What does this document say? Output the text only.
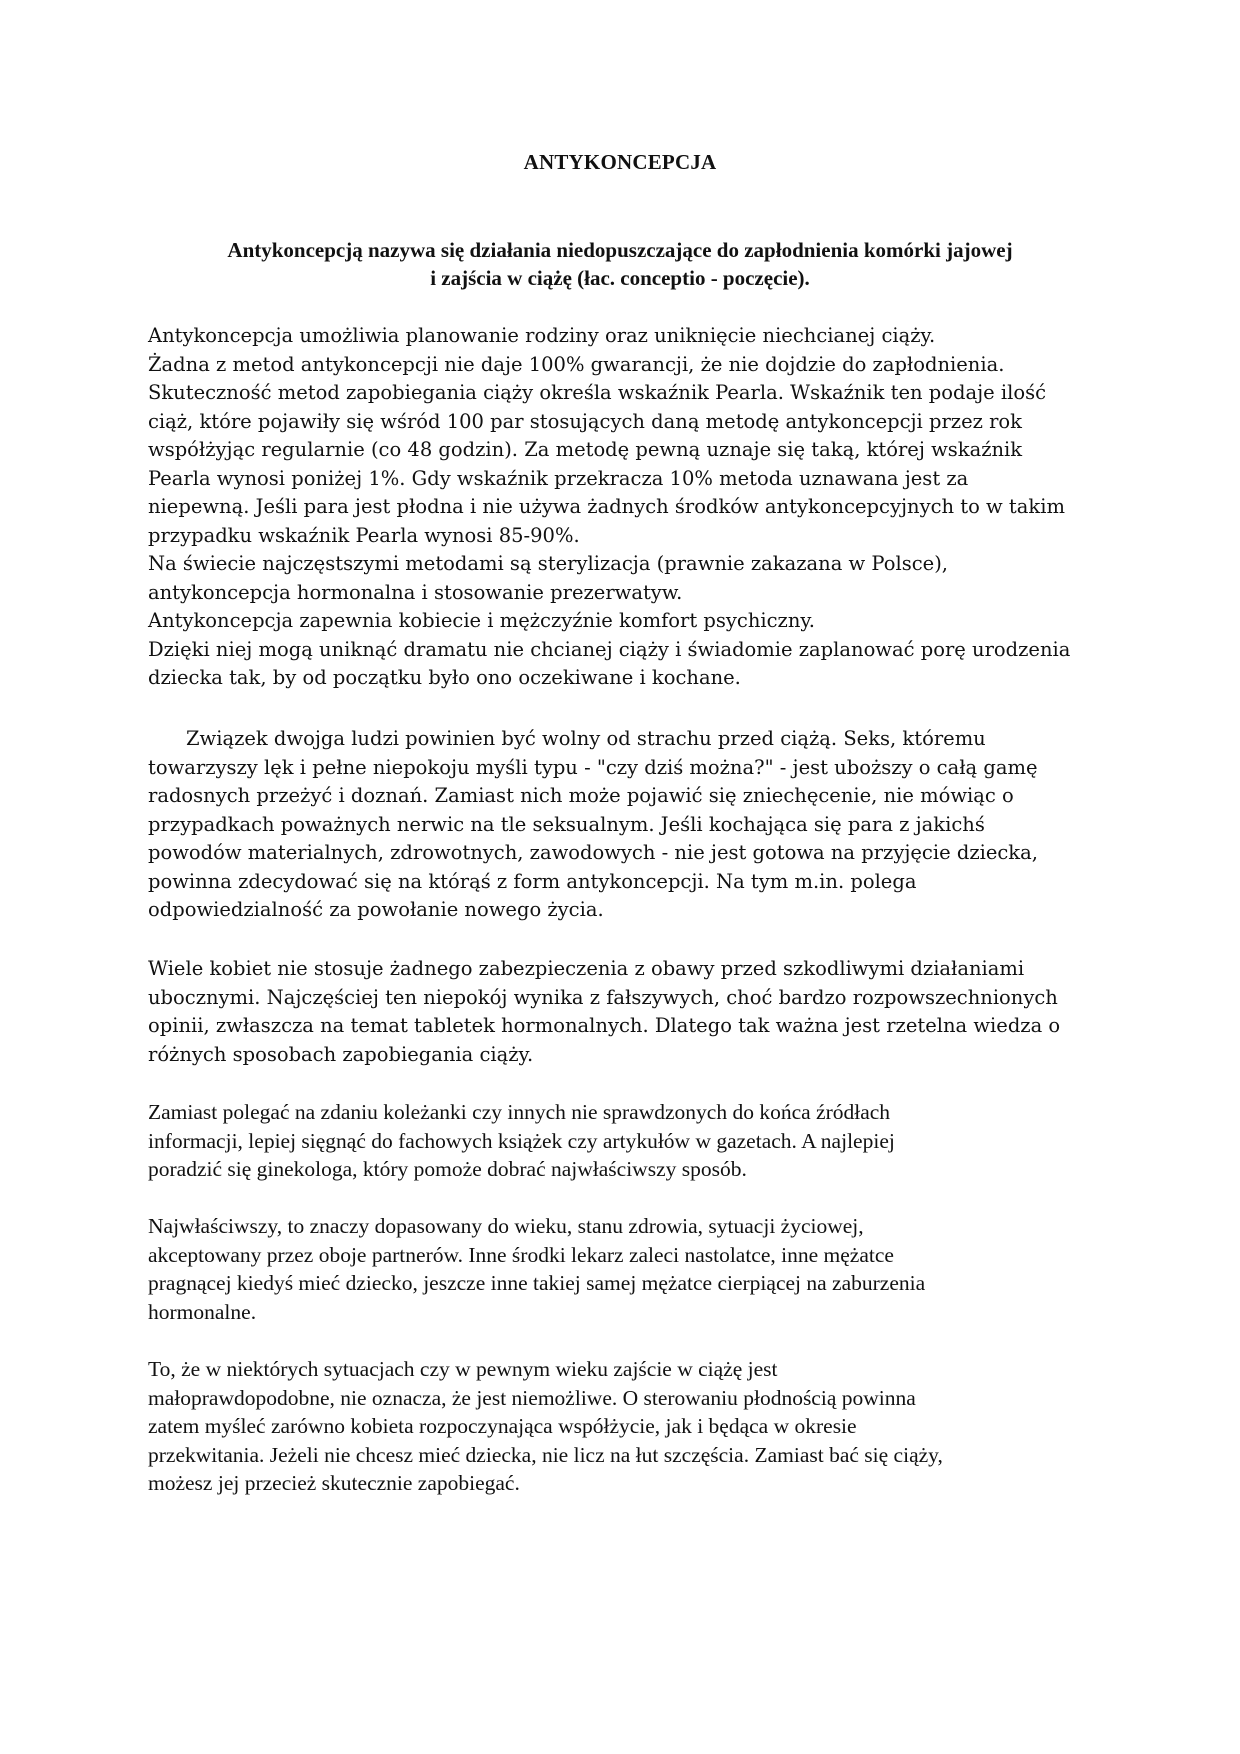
ANTYKONCEPCJA
Antykoncepcją nazywa się działania niedopuszczające do zapłodnienia komórki jajowej
i zajścia w ciążę (łac. conceptio - poczęcie).
Antykoncepcja umożliwia planowanie rodziny oraz uniknięcie niechcianej ciąży.
Żadna z metod antykoncepcji nie daje 100% gwarancji, że nie dojdzie do zapłodnienia.
Skuteczność metod zapobiegania ciąży określa wskaźnik Pearla. Wskaźnik ten podaje ilość
ciąż, które pojawiły się wśród 100 par stosujących daną metodę antykoncepcji przez rok
współżyjąc regularnie (co 48 godzin). Za metodę pewną uznaje się taką, której wskaźnik
Pearla wynosi poniżej 1%. Gdy wskaźnik przekracza 10% metoda uznawana jest za
niepewną. Jeśli para jest płodna i nie używa żadnych środków antykoncepcyjnych to w takim
przypadku wskaźnik Pearla wynosi 85-90%.
Na świecie najczęstszymi metodami są sterylizacja (prawnie zakazana w Polsce),
antykoncepcja hormonalna i stosowanie prezerwatyw.
Antykoncepcja zapewnia kobiecie i mężczyźnie komfort psychiczny.
Dzięki niej mogą uniknąć dramatu nie chcianej ciąży i świadomie zaplanować porę urodzenia
dziecka tak, by od początku było ono oczekiwane i kochane.
Związek dwojga ludzi powinien być wolny od strachu przed ciążą. Seks, któremu
towarzyszy lęk i pełne niepokoju myśli typu - "czy dziś można?" - jest uboższy o całą gamę
radosnych przeżyć i doznań. Zamiast nich może pojawić się zniechęcenie, nie mówiąc o
przypadkach poważnych nerwic na tle seksualnym. Jeśli kochająca się para z jakichś
powodów materialnych, zdrowotnych, zawodowych - nie jest gotowa na przyjęcie dziecka,
powinna zdecydować się na którąś z form antykoncepcji. Na tym m.in. polega
odpowiedzialność za powołanie nowego życia.
Wiele kobiet nie stosuje żadnego zabezpieczenia z obawy przed szkodliwymi działaniami
ubocznymi. Najczęściej ten niepokój wynika z fałszywych, choć bardzo rozpowszechnionych
opinii, zwłaszcza na temat tabletek hormonalnych. Dlatego tak ważna jest rzetelna wiedza o
różnych sposobach zapobiegania ciąży.
Zamiast polegać na zdaniu koleżanki czy innych nie sprawdzonych do końca źródłach
informacji, lepiej sięgnąć do fachowych książek czy artykułów w gazetach. A najlepiej
poradzić się ginekologa, który pomoże dobrać najwłaściwszy sposób.
Najwłaściwszy, to znaczy dopasowany do wieku, stanu zdrowia, sytuacji życiowej,
akceptowany przez oboje partnerów. Inne środki lekarz zaleci nastolatce, inne mężatce
pragnącej kiedyś mieć dziecko, jeszcze inne takiej samej mężatce cierpiącej na zaburzenia
hormonalne.
To, że w niektórych sytuacjach czy w pewnym wieku zajście w ciążę jest
małoprawdopodobne, nie oznacza, że jest niemożliwe. O sterowaniu płodnością powinna
zatem myśleć zarówno kobieta rozpoczynająca współżycie, jak i będąca w okresie
przekwitania. Jeżeli nie chcesz mieć dziecka, nie licz na łut szczęścia. Zamiast bać się ciąży,
możesz jej przecież skutecznie zapobiegać.
